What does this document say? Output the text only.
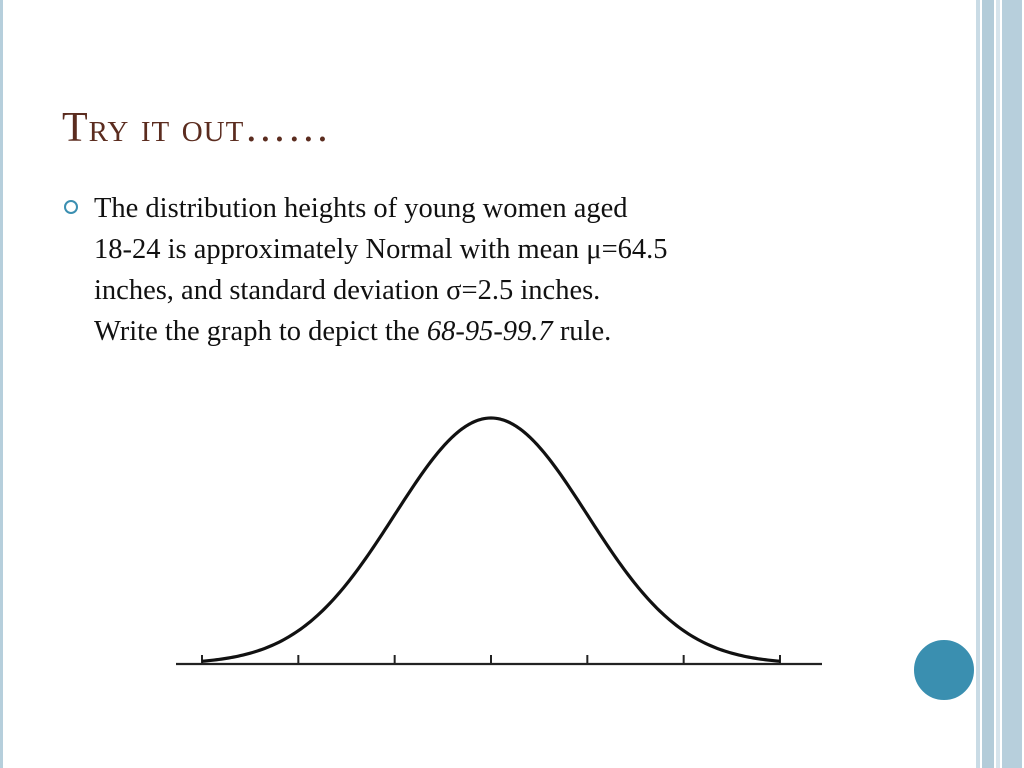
Try it out……
The distribution heights of young women aged
18-24 is approximately Normal with mean μ=64.5
inches, and standard deviation σ=2.5 inches.
Write the graph to depict the 68-95-99.7 rule.
